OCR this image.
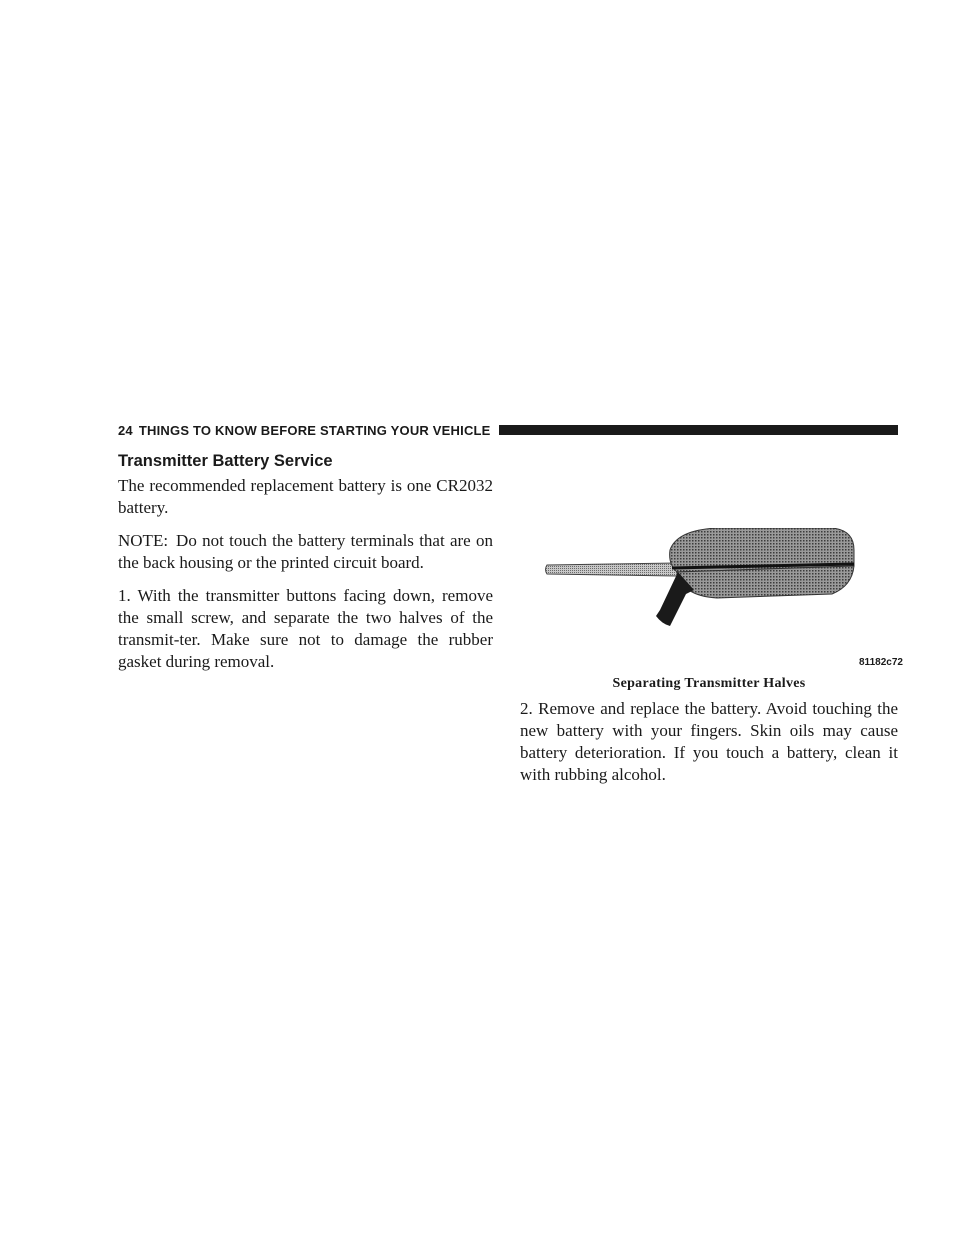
24 THINGS TO KNOW BEFORE STARTING YOUR VEHICLE
Transmitter Battery Service

The recommended replacement battery is one CR2032 battery.

NOTE: Do not touch the battery terminals that are on the back housing or the printed circuit board.

1. With the transmitter buttons facing down, remove the small screw, and separate the two halves of the transmit-ter. Make sure not to damage the rubber gasket during removal.	81182c72
Separating Transmitter Halves

2. Remove and replace the battery. Avoid touching the new battery with your fingers. Skin oils may cause battery deterioration. If you touch a battery, clean it with rubbing alcohol.
